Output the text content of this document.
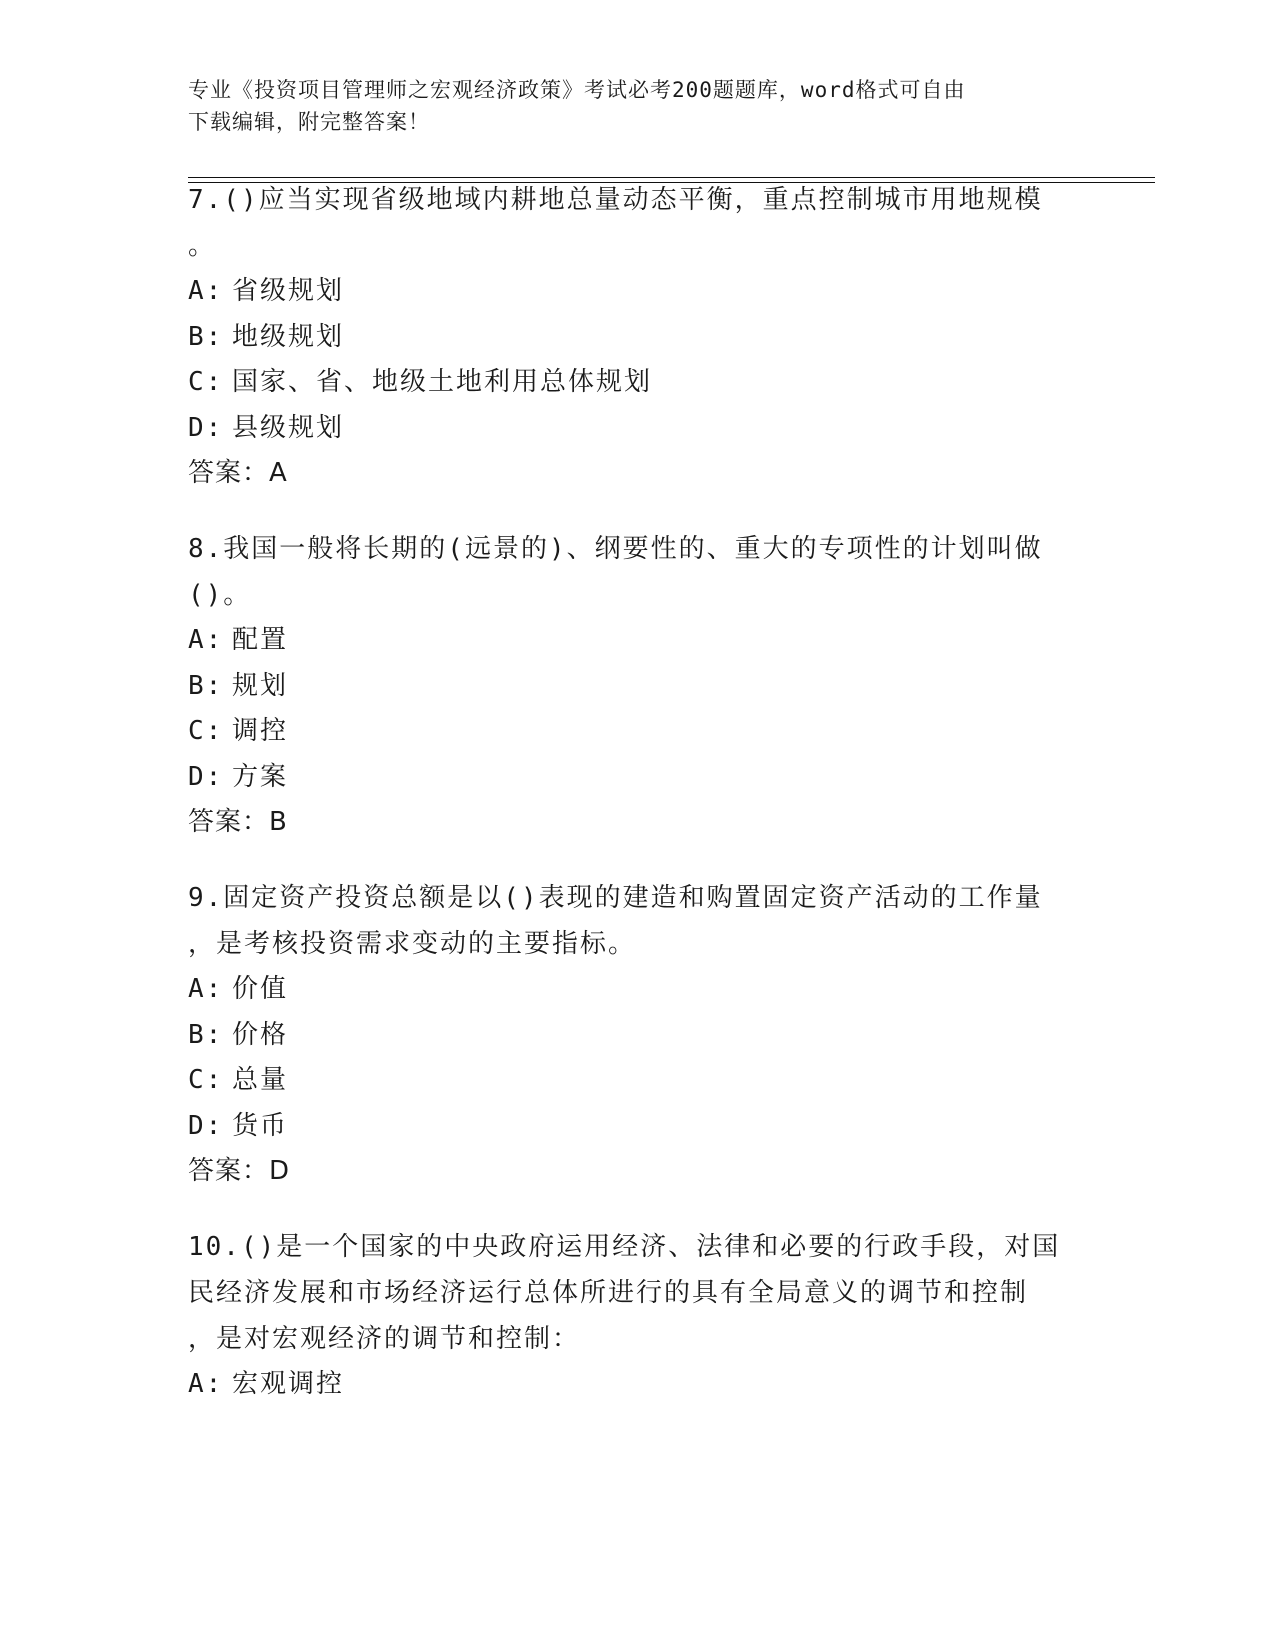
专业《投资项目管理师之宏观经济政策》考试必考200题题库，word格式可自由
下载编辑，附完整答案！
7.()应当实现省级地域内耕地总量动态平衡，重点控制城市用地规模
。
A: 省级规划
B: 地级规划
C: 国家、省、地级土地利用总体规划
D: 县级规划
答案：A
8.我国一般将长期的(远景的)、纲要性的、重大的专项性的计划叫做
()。
A: 配置
B: 规划
C: 调控
D: 方案
答案：B
9.固定资产投资总额是以()表现的建造和购置固定资产活动的工作量
，是考核投资需求变动的主要指标。
A: 价值
B: 价格
C: 总量
D: 货币
答案：D
10.()是一个国家的中央政府运用经济、法律和必要的行政手段，对国
民经济发展和市场经济运行总体所进行的具有全局意义的调节和控制
，是对宏观经济的调节和控制：
A: 宏观调控
